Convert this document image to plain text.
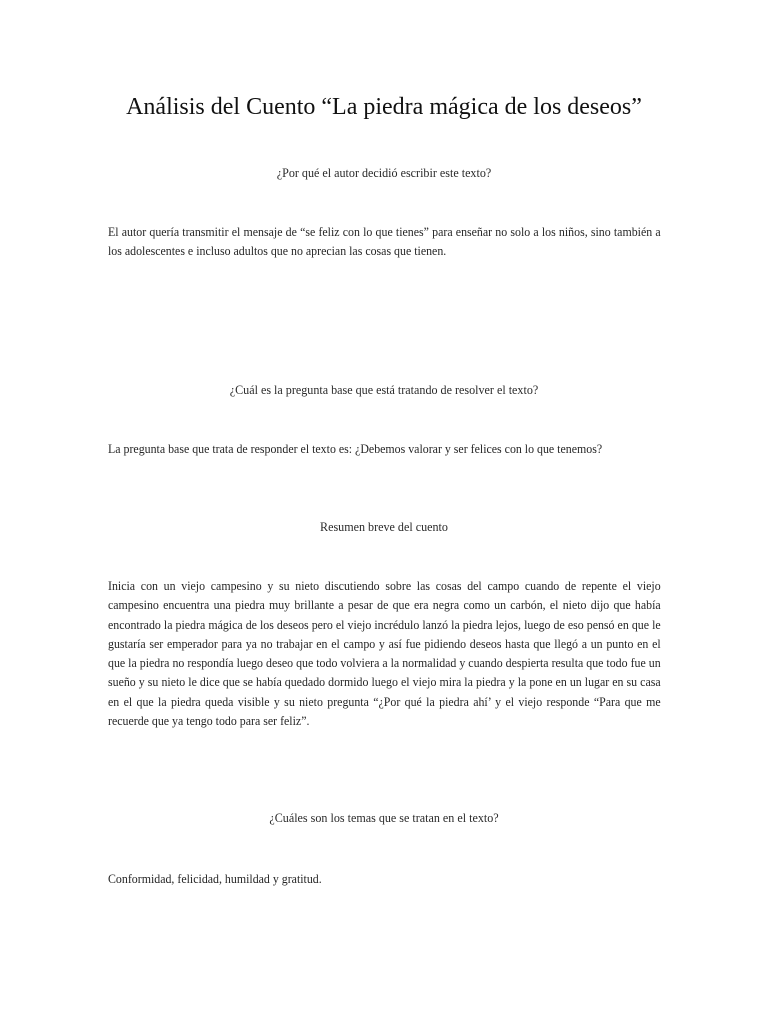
Análisis del Cuento “La piedra mágica de los deseos”
¿Por qué el autor decidió escribir este texto?
El autor quería transmitir el mensaje de “se feliz con lo que tienes” para enseñar no solo a los niños, sino también a los adolescentes e incluso adultos que no aprecian las cosas que tienen.
¿Cuál es la pregunta base que está tratando de resolver el texto?
La pregunta base que trata de responder el texto es: ¿Debemos valorar y ser felices con lo que tenemos?
Resumen breve del cuento
Inicia con un viejo campesino y su nieto discutiendo sobre las cosas del campo cuando de repente el viejo campesino encuentra una piedra muy brillante a pesar de que era negra como un carbón, el nieto dijo que había encontrado la piedra mágica de los deseos pero el viejo incrédulo lanzó la piedra lejos, luego de eso pensó en que le gustaría ser emperador para ya no trabajar en el campo y así fue pidiendo deseos hasta que llegó a un punto en el que la piedra no respondía luego deseo que todo volviera a la normalidad y cuando despierta resulta que todo fue un sueño y su nieto le dice que se había quedado dormido luego el viejo mira la piedra y la pone en un lugar en su casa en el que la piedra queda visible y su nieto pregunta “¿Por qué la piedra ahí’ y el viejo responde “Para que me recuerde que ya tengo todo para ser feliz”.
¿Cuáles son los temas que se tratan en el texto?
Conformidad, felicidad, humildad y gratitud.
